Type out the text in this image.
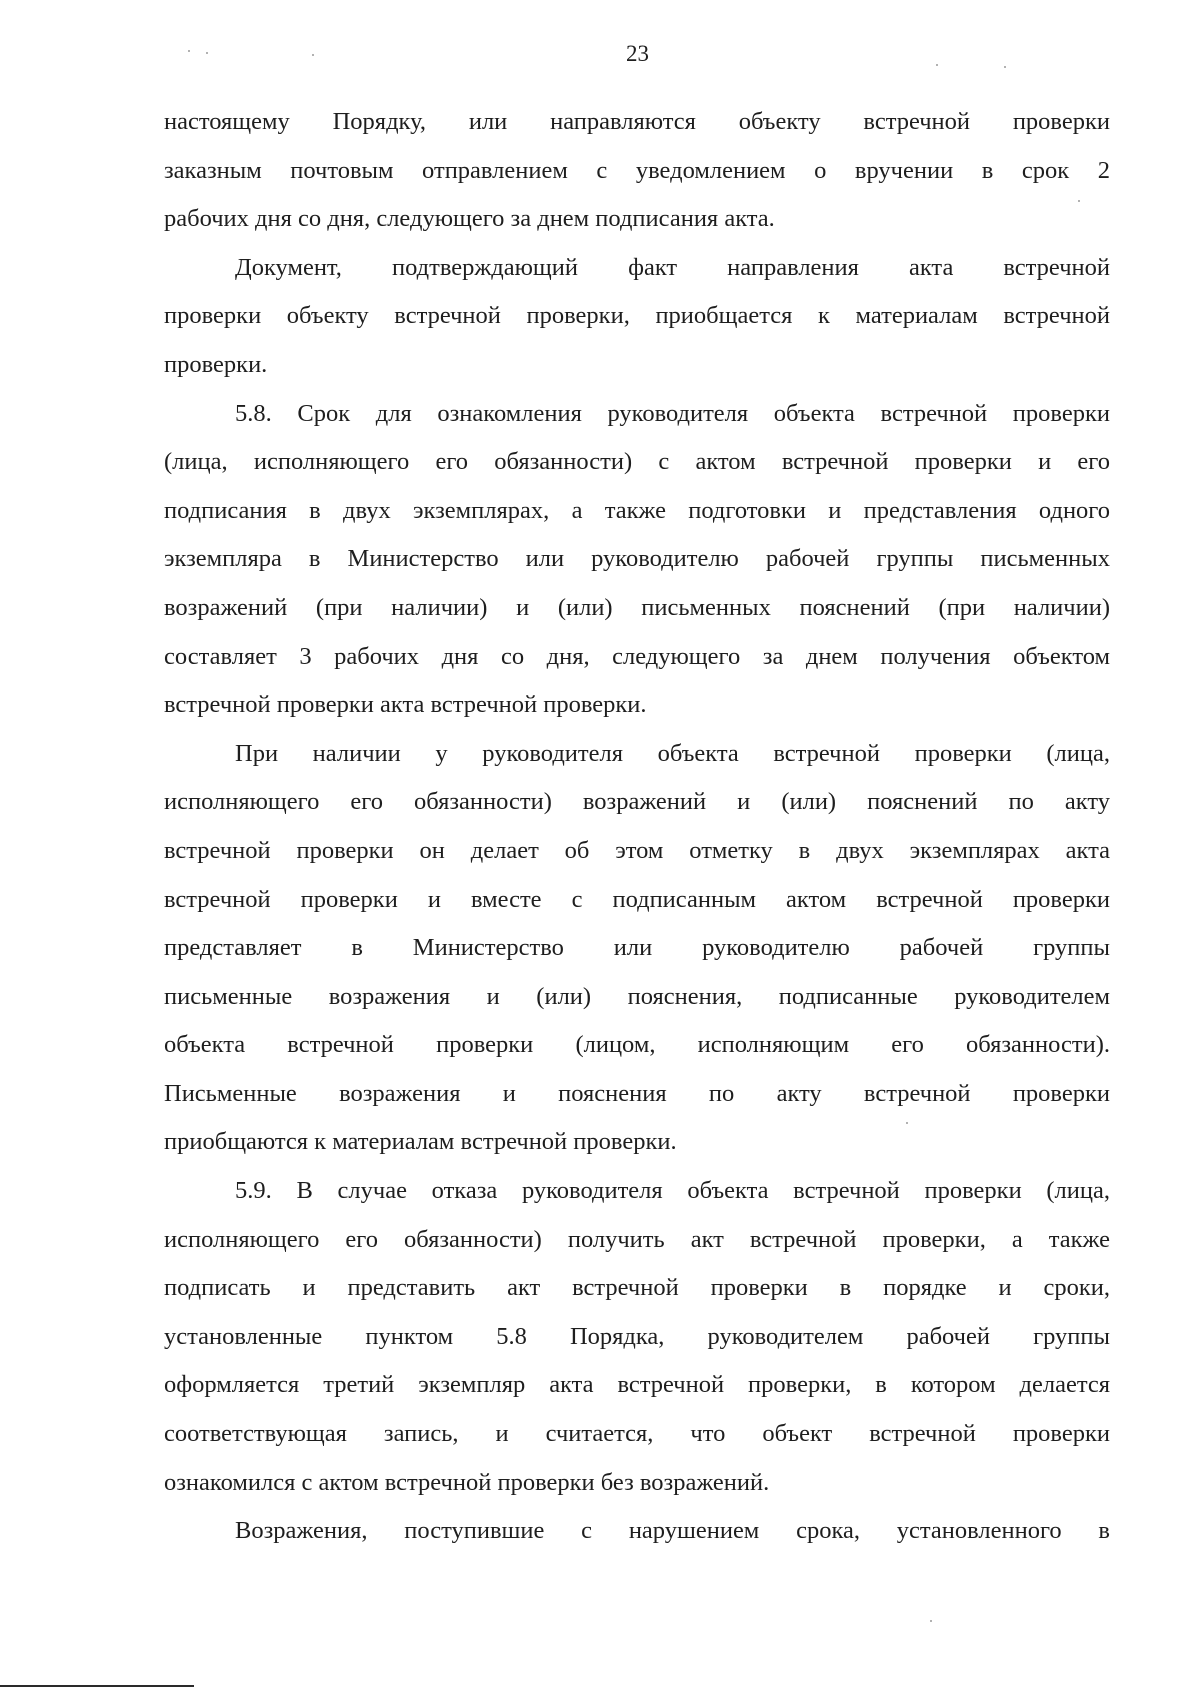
23
настоящему Порядку, или направляются объекту встречной проверки
заказным почтовым отправлением с уведомлением о вручении в срок 2
рабочих дня со дня, следующего за днем подписания акта.
Документ, подтверждающий факт направления акта встречной
проверки объекту встречной проверки, приобщается к материалам встречной
проверки.
5.8. Срок для ознакомления руководителя объекта встречной проверки
(лица, исполняющего его обязанности) с актом встречной проверки и его
подписания в двух экземплярах, а также подготовки и представления одного
экземпляра в Министерство или руководителю рабочей группы письменных
возражений (при наличии) и (или) письменных пояснений (при наличии)
составляет 3 рабочих дня со дня, следующего за днем получения объектом
встречной проверки акта встречной проверки.
При наличии у руководителя объекта встречной проверки (лица,
исполняющего его обязанности) возражений и (или) пояснений по акту
встречной проверки он делает об этом отметку в двух экземплярах акта
встречной проверки и вместе с подписанным актом встречной проверки
представляет в Министерство или руководителю рабочей группы
письменные возражения и (или) пояснения, подписанные руководителем
объекта встречной проверки (лицом, исполняющим его обязанности).
Письменные возражения и пояснения по акту встречной проверки
приобщаются к материалам встречной проверки.
5.9. В случае отказа руководителя объекта встречной проверки (лица,
исполняющего его обязанности) получить акт встречной проверки, а также
подписать и представить акт встречной проверки в порядке и сроки,
установленные пунктом 5.8 Порядка, руководителем рабочей группы
оформляется третий экземпляр акта встречной проверки, в котором делается
соответствующая запись, и считается, что объект встречной проверки
ознакомился с актом встречной проверки без возражений.
Возражения, поступившие с нарушением срока, установленного в
